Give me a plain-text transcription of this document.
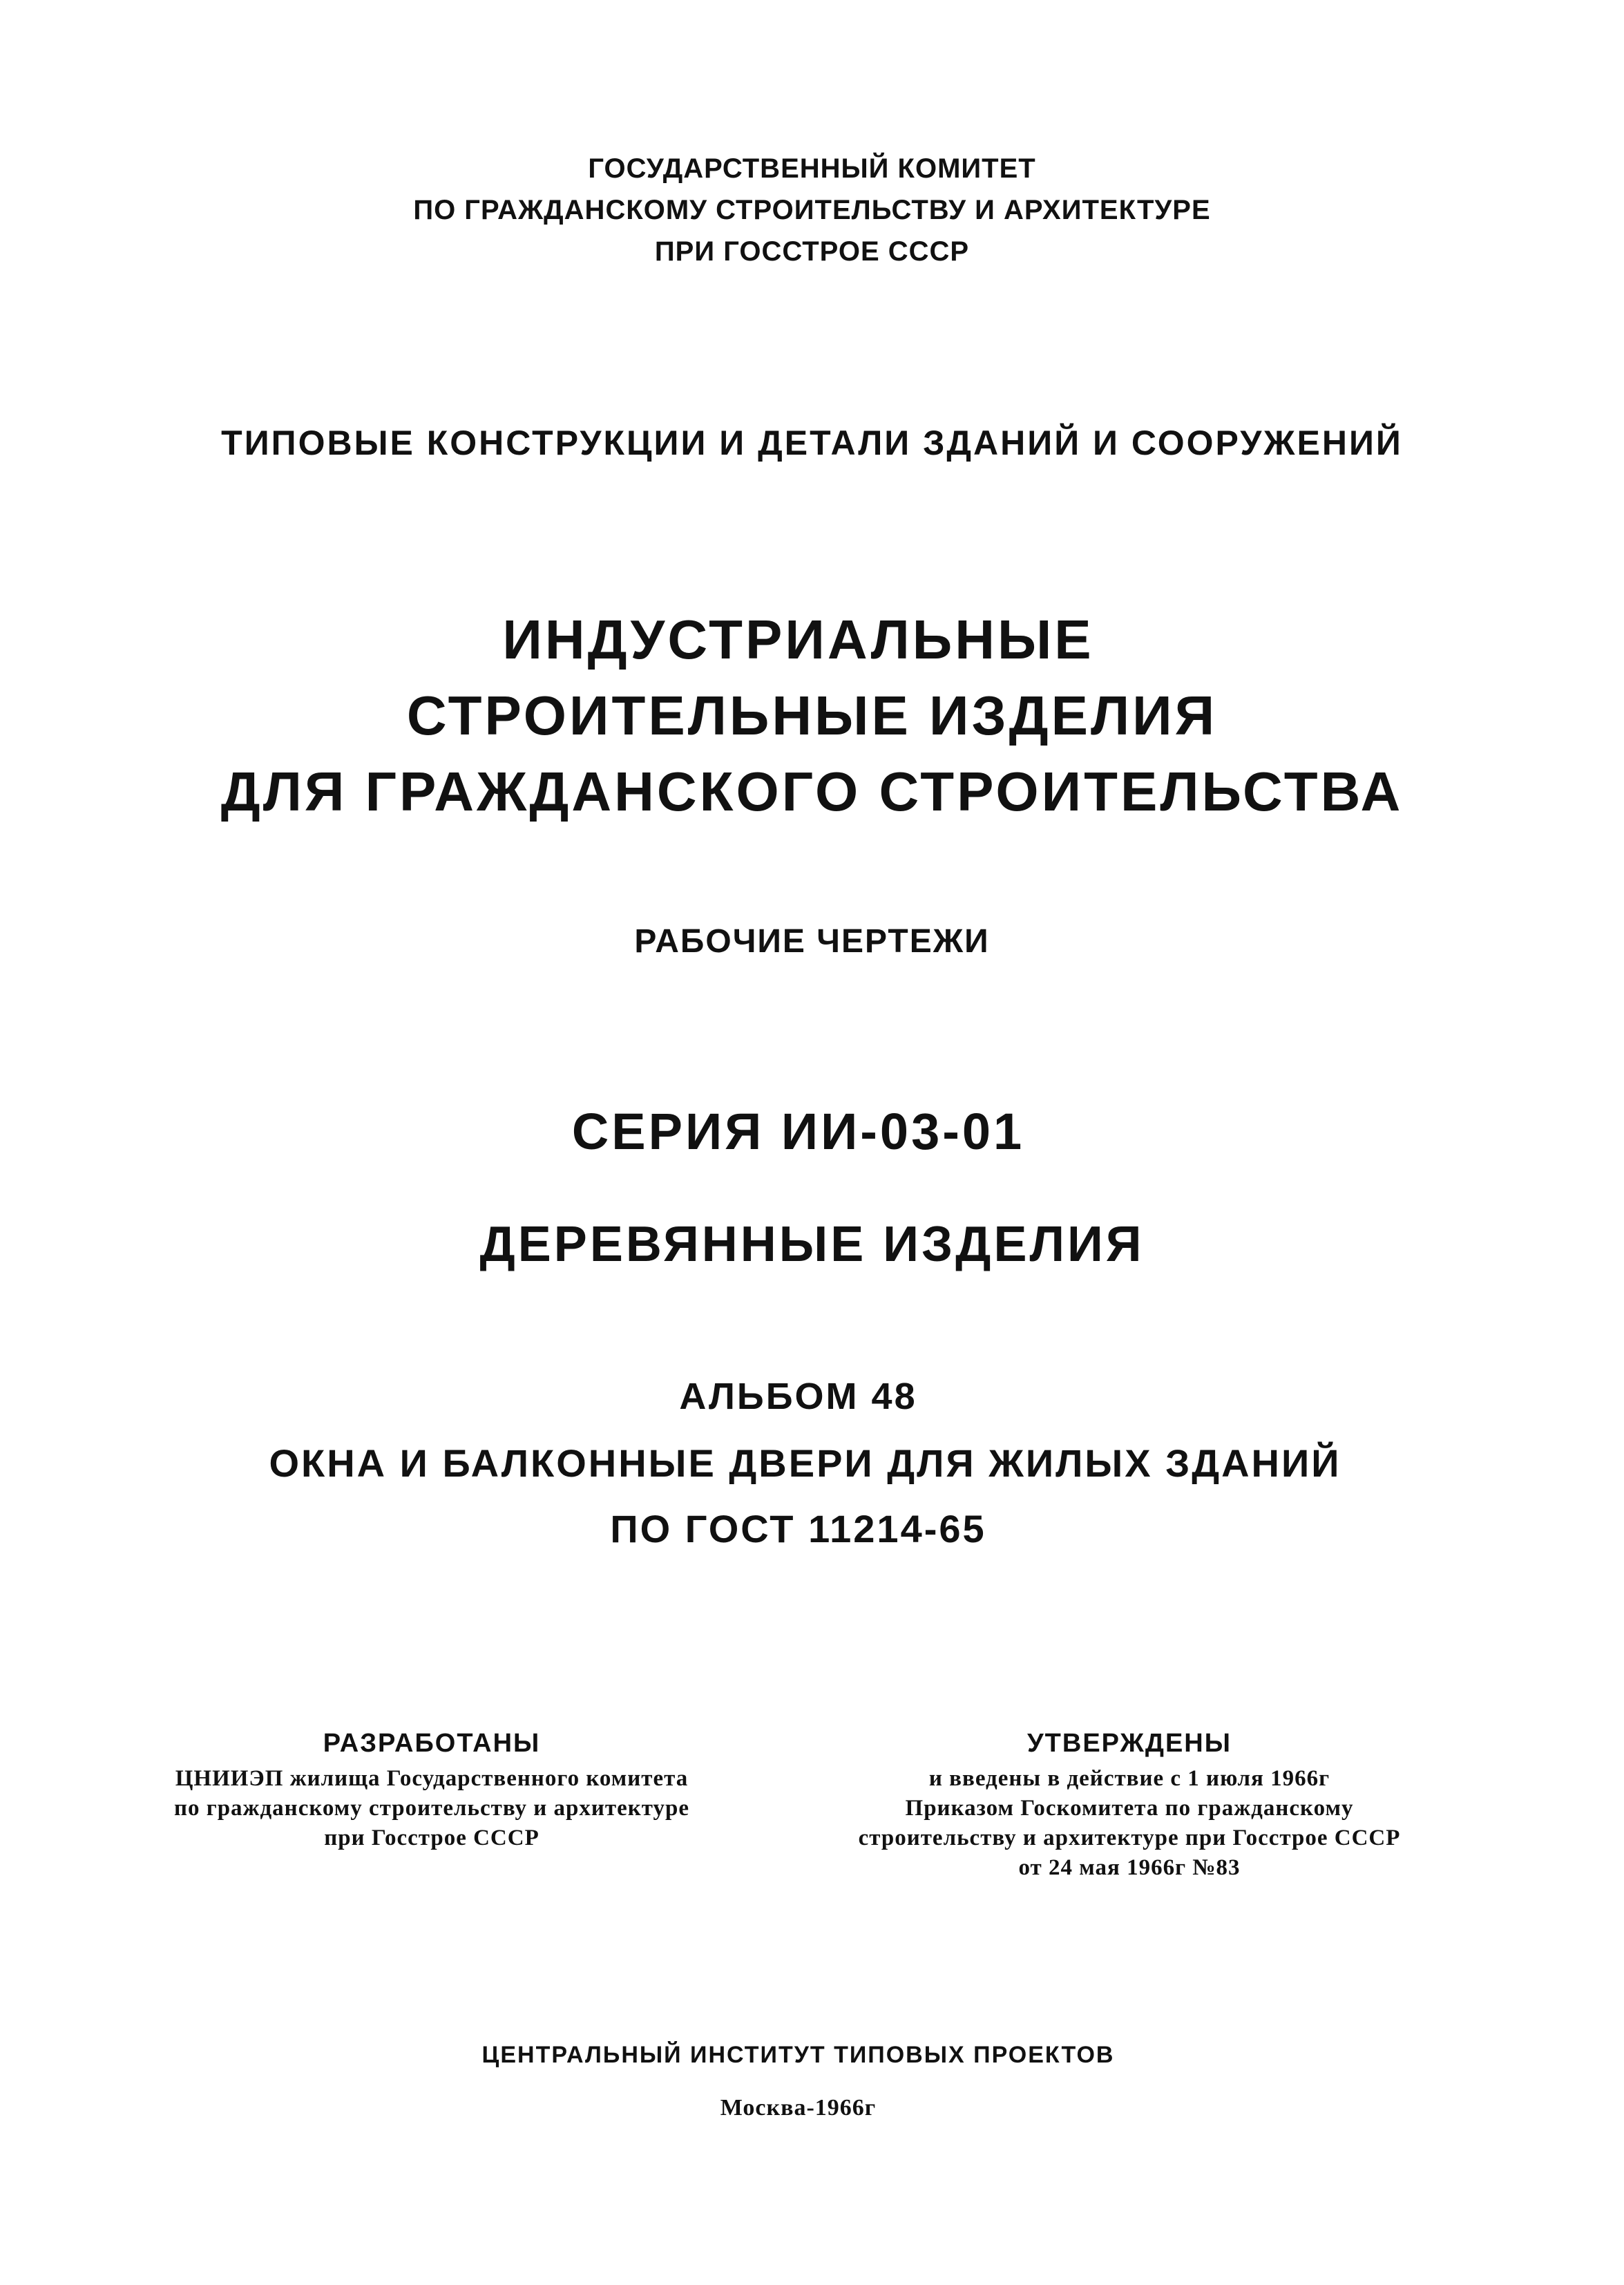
ГОСУДАРСТВЕННЫЙ КОМИТЕТ
ПО ГРАЖДАНСКОМУ СТРОИТЕЛЬСТВУ И АРХИТЕКТУРЕ
ПРИ ГОССТРОЕ СССР
ТИПОВЫЕ КОНСТРУКЦИИ И ДЕТАЛИ ЗДАНИЙ И СООРУЖЕНИЙ
ИНДУСТРИАЛЬНЫЕ
СТРОИТЕЛЬНЫЕ ИЗДЕЛИЯ
ДЛЯ ГРАЖДАНСКОГО СТРОИТЕЛЬСТВА
РАБОЧИЕ ЧЕРТЕЖИ
СЕРИЯ ИИ-03-01
ДЕРЕВЯННЫЕ ИЗДЕЛИЯ
АЛЬБОМ 48
ОКНА И БАЛКОННЫЕ ДВЕРИ ДЛЯ ЖИЛЫХ ЗДАНИЙ
ПО ГОСТ 11214-65
РАЗРАБОТАНЫ
ЦНИИЭП жилища Государственного комитета
по гражданскому строительству и архитектуре
при Госстрое СССР
УТВЕРЖДЕНЫ
и введены в действие с 1 июля 1966г
Приказом Госкомитета по гражданскому
строительству и архитектуре при Госстрое СССР
от 24 мая 1966г №83
ЦЕНТРАЛЬНЫЙ ИНСТИТУТ ТИПОВЫХ ПРОЕКТОВ
Москва-1966г
